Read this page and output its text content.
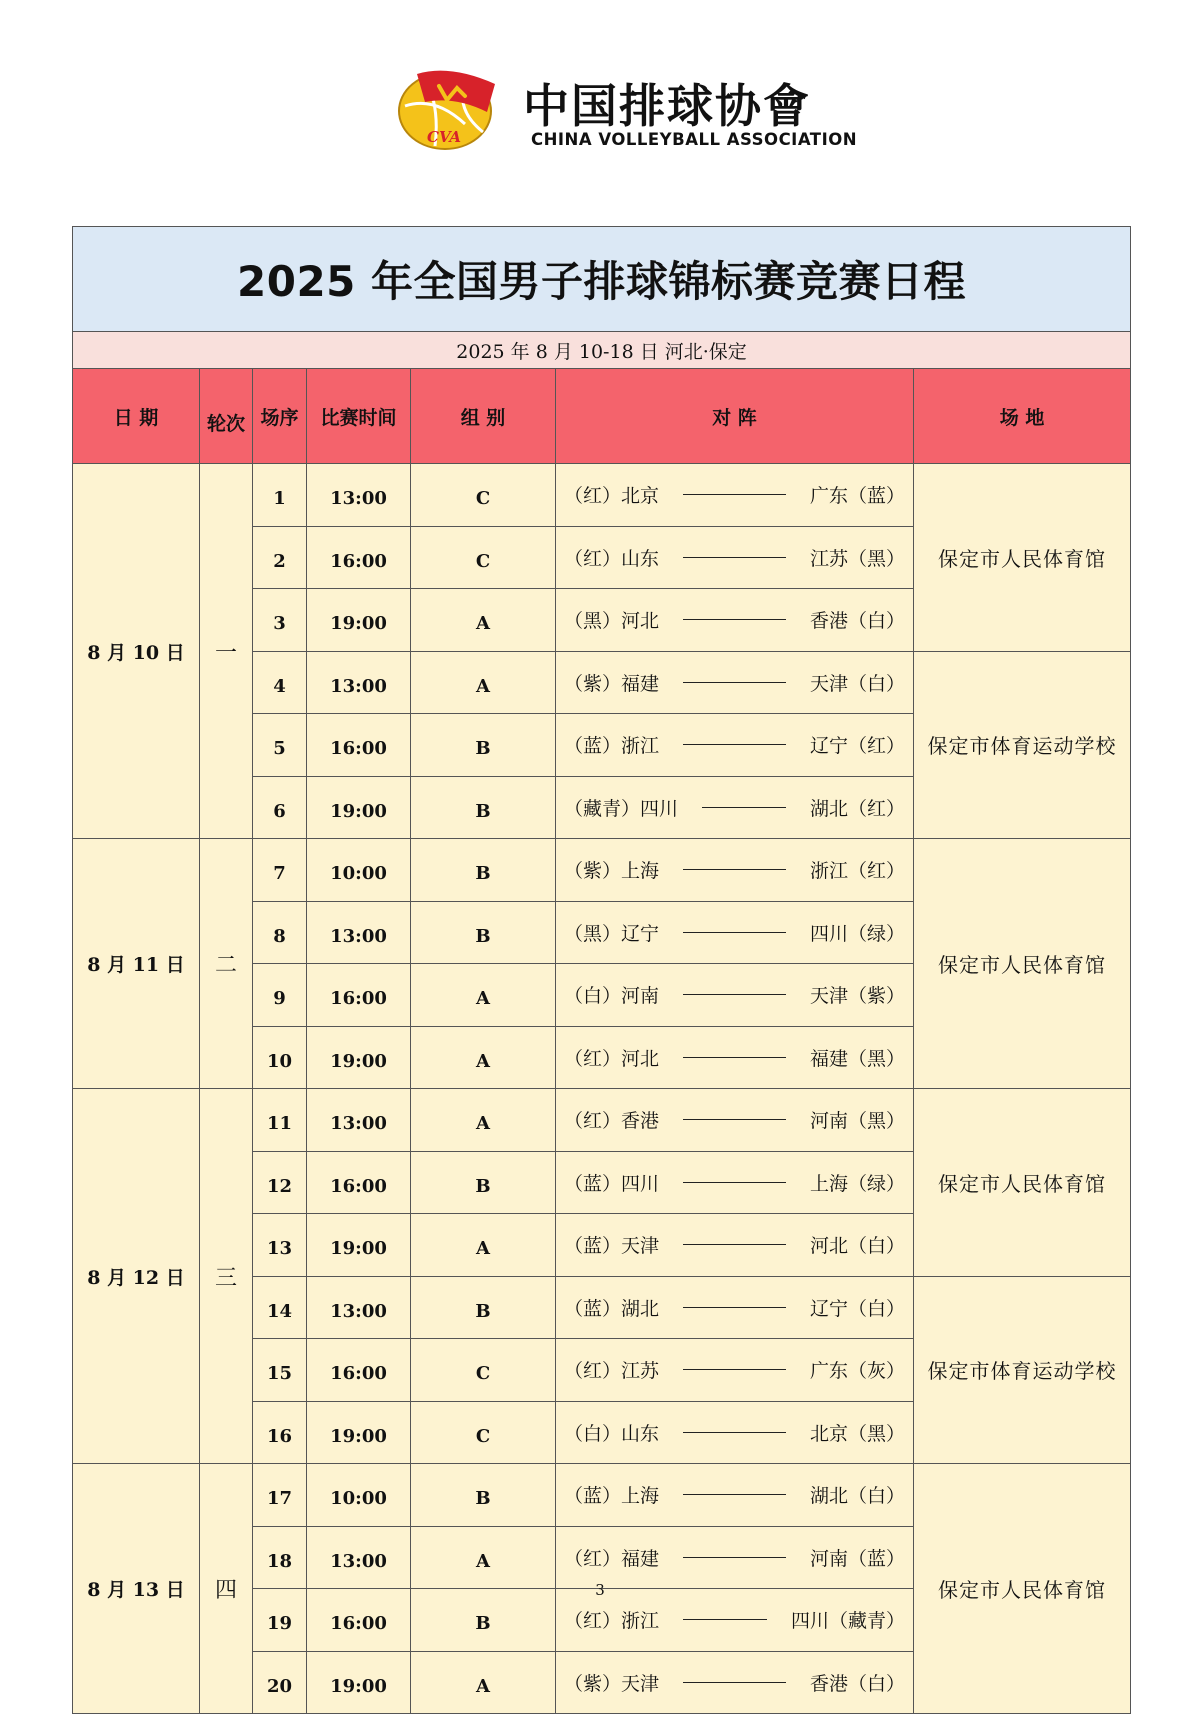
CVA
中国排球协會
CHINA VOLLEYBALL ASSOCIATION
2025 年全国男子排球锦标赛竞赛日程						
2025 年 8 月 10-18 日 河北·保定						
日 期	轮次	场序	比赛时间	组 别	对 阵	场 地
8 月 10 日	一	1	13:00	C	（红）北京 广东（蓝）	保定市人民体育馆
		2	16:00	C	（红）山东 江苏（黑）	

		3	19:00	A	（黑）河北 香港（白）	

		4	13:00	A	（紫）福建 天津（白）	保定市体育运动学校
		5	16:00	B	（蓝）浙江 辽宁（红）	

		6	19:00	B	（藏青）四川 湖北（红）	

8 月 11 日	二	7	10:00	B	（紫）上海 浙江（红）	保定市人民体育馆
		8	13:00	B	（黑）辽宁 四川（绿）	

		9	16:00	A	（白）河南 天津（紫）	

		10	19:00	A	（红）河北 福建（黑）	

8 月 12 日	三	11	13:00	A	（红）香港 河南（黑）	保定市人民体育馆
		12	16:00	B	（蓝）四川 上海（绿）	

		13	19:00	A	（蓝）天津 河北（白）	

		14	13:00	B	（蓝）湖北 辽宁（白）	保定市体育运动学校
		15	16:00	C	（红）江苏 广东（灰）	

		16	19:00	C	（白）山东 北京（黑）	

8 月 13 日	四	17	10:00	B	（蓝）上海 湖北（白）	保定市人民体育馆
		18	13:00	A	（红）福建 河南（蓝）	

		19	16:00	B	（红）浙江 四川（藏青）	

		20	19:00	A	（紫）天津 香港（白）	
3
